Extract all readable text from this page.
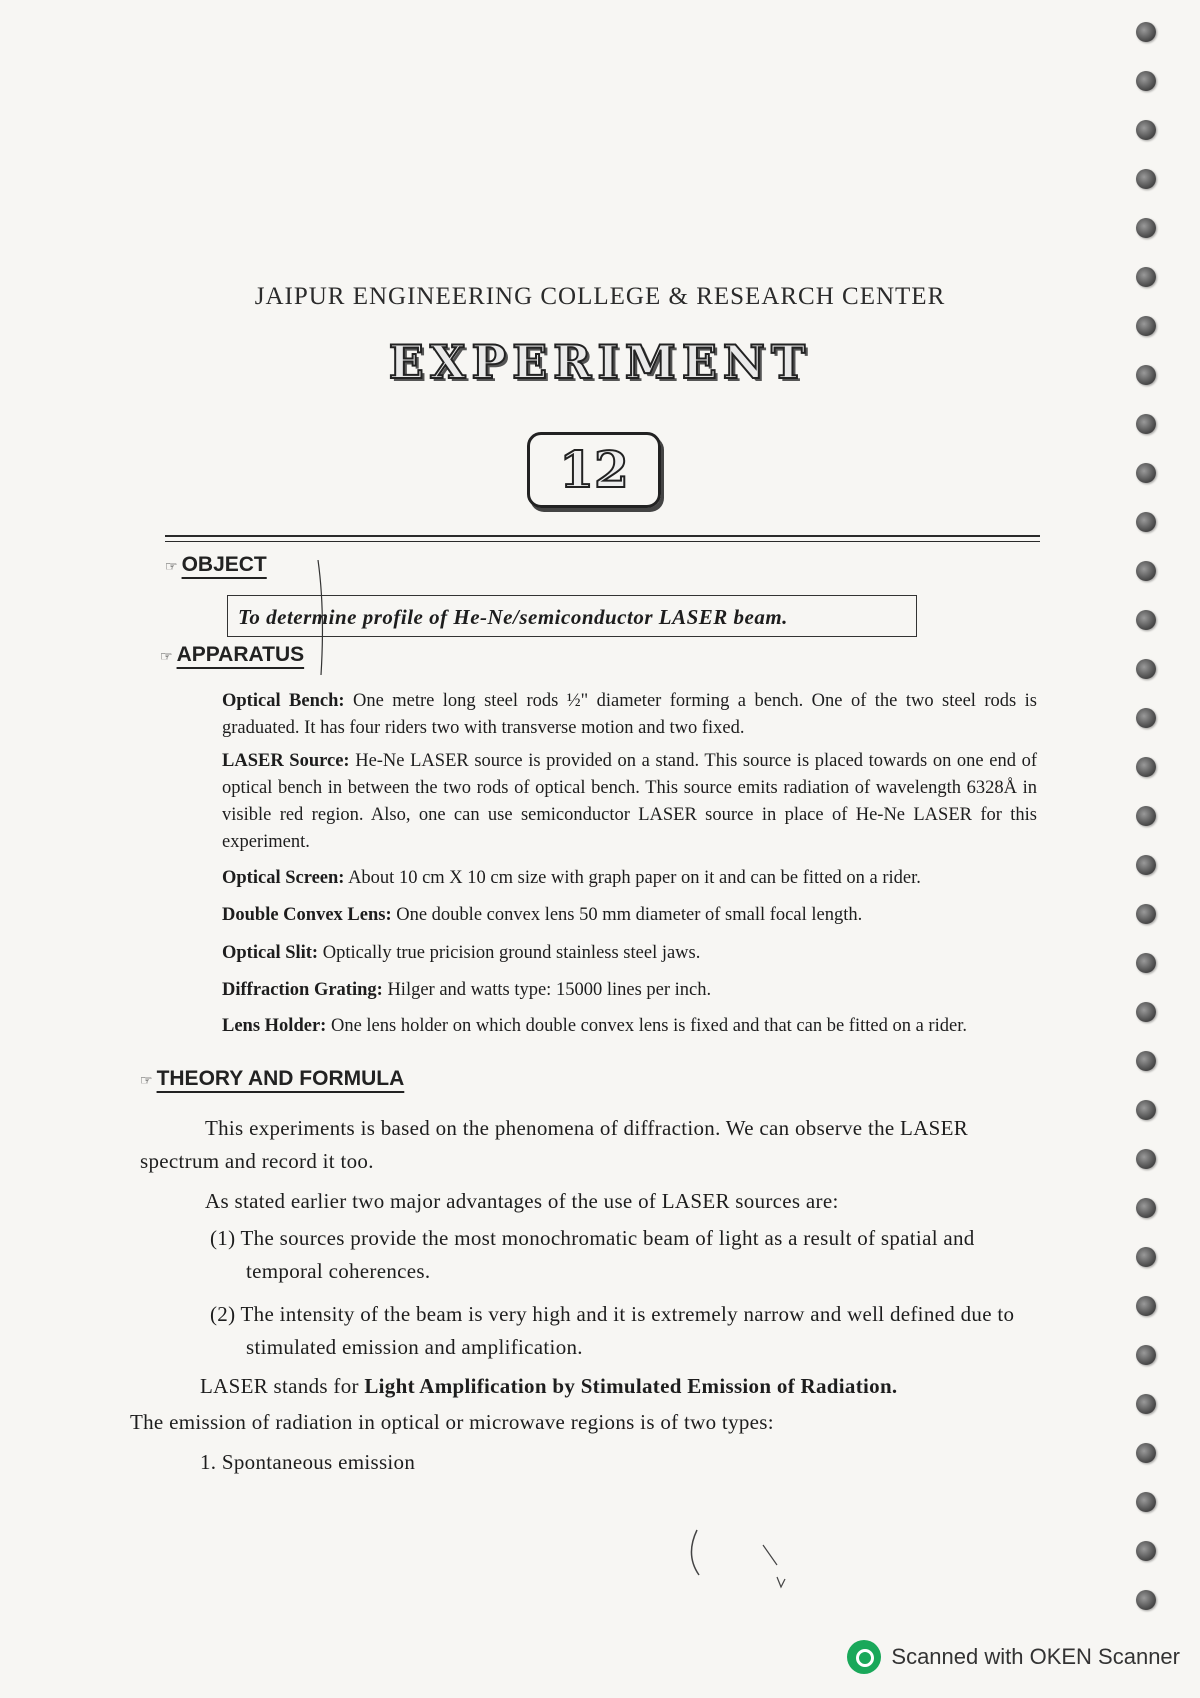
JAIPUR ENGINEERING COLLEGE & RESEARCH CENTER
EXPERIMENT
12
☞ OBJECT
To determine profile of He-Ne/semiconductor LASER beam.
☞ APPARATUS
Optical Bench: One metre long steel rods ½" diameter forming a bench. One of the two steel rods is graduated. It has four riders two with transverse motion and two fixed.
LASER Source: He-Ne LASER source is provided on a stand. This source is placed towards on one end of optical bench in between the two rods of optical bench. This source emits radiation of wavelength 6328Å in visible red region. Also, one can use semiconductor LASER source in place of He-Ne LASER for this experiment.
Optical Screen: About 10 cm X 10 cm size with graph paper on it and can be fitted on a rider.
Double Convex Lens: One double convex lens 50 mm diameter of small focal length.
Optical Slit: Optically true pricision ground stainless steel jaws.
Diffraction Grating: Hilger and watts type: 15000 lines per inch.
Lens Holder: One lens holder on which double convex lens is fixed and that can be fitted on a rider.
☞ THEORY AND FORMULA
This experiments is based on the phenomena of diffraction. We can observe the LASER spectrum and record it too.
As stated earlier two major advantages of the use of LASER sources are:
(1) The sources provide the most monochromatic beam of light as a result of spatial and temporal coherences.
(2) The intensity of the beam is very high and it is extremely narrow and well defined due to stimulated emission and amplification.
LASER stands for Light Amplification by Stimulated Emission of Radiation.
The emission of radiation in optical or microwave regions is of two types:
1. Spontaneous emission
Scanned with OKEN Scanner
